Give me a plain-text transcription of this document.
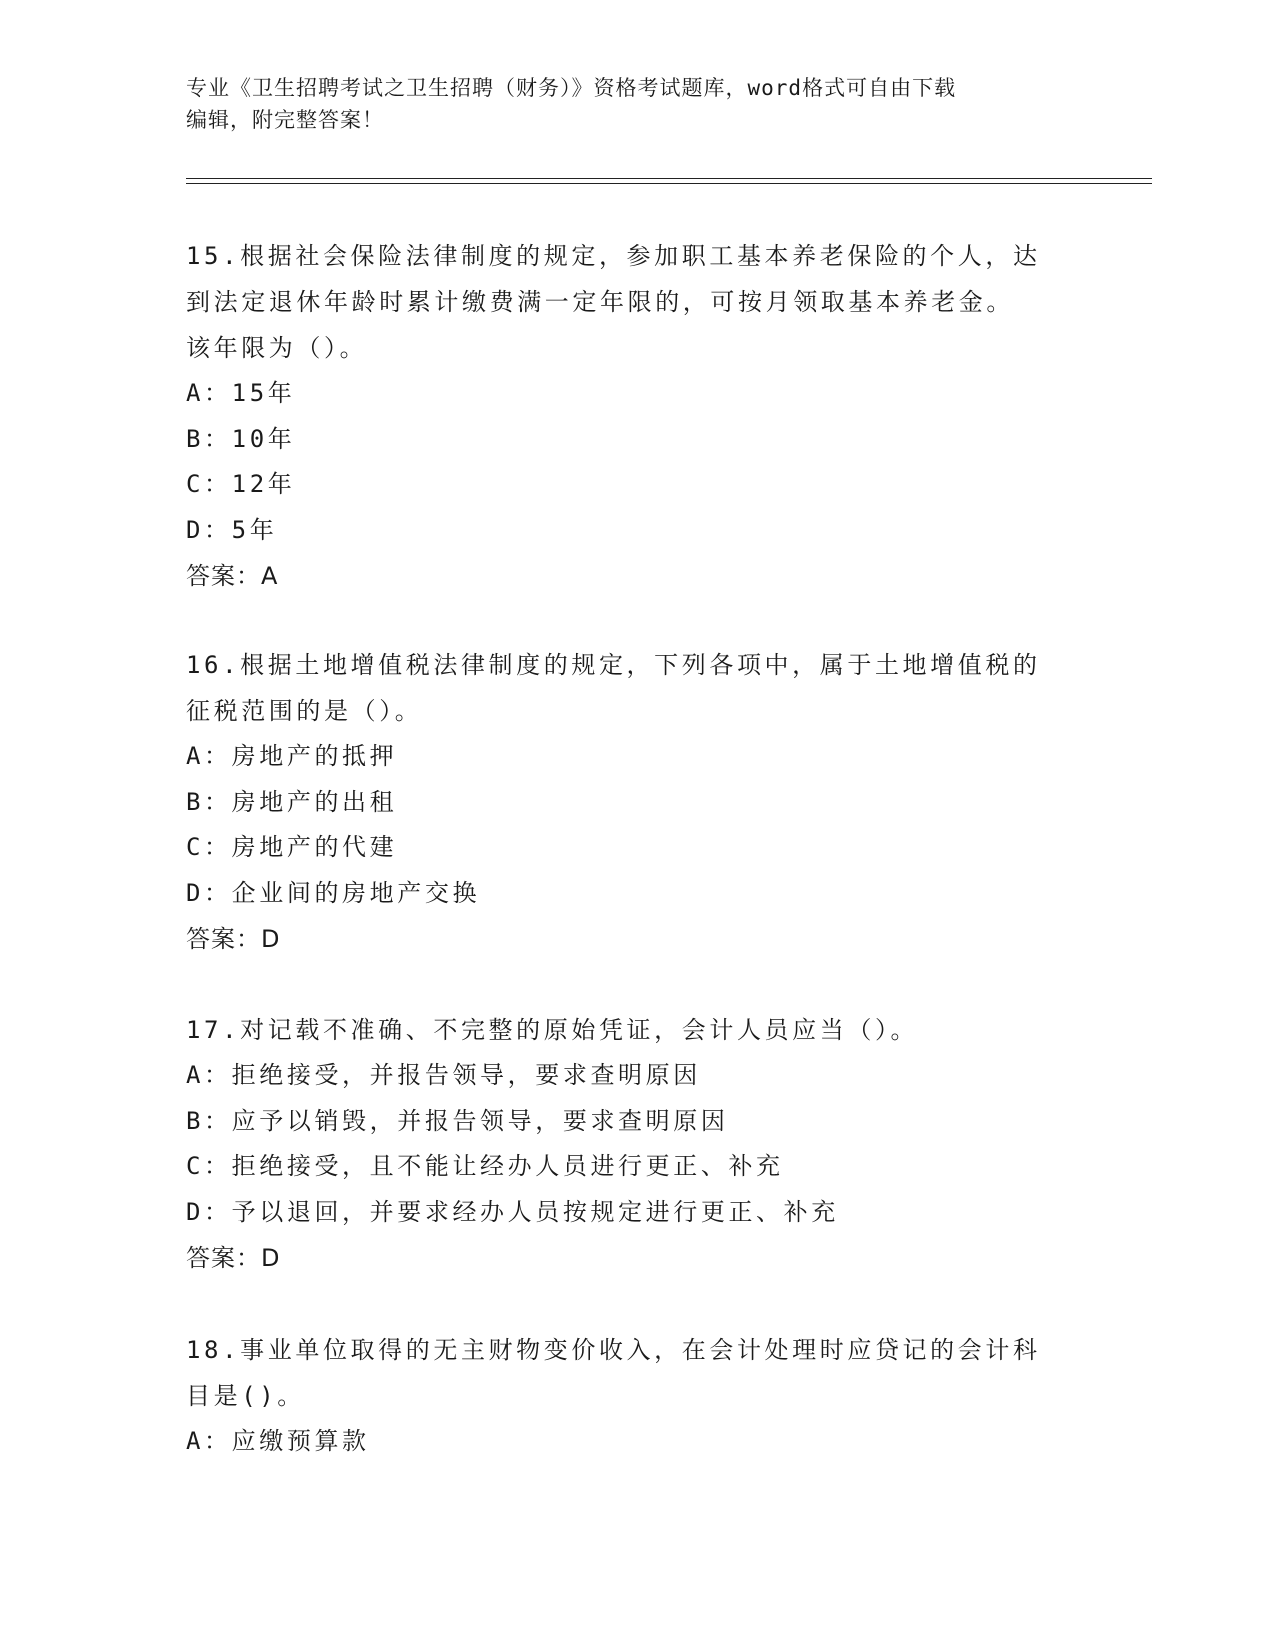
专业《卫生招聘考试之卫生招聘（财务）》资格考试题库，word格式可自由下载
编辑，附完整答案！
15.根据社会保险法律制度的规定，参加职工基本养老保险的个人，达
到法定退休年龄时累计缴费满一定年限的，可按月领取基本养老金。
该年限为（）。
A：15年
B：10年
C：12年
D：5年
答案：A
16.根据土地增值税法律制度的规定，下列各项中，属于土地增值税的
征税范围的是（）。
A：房地产的抵押
B：房地产的出租
C：房地产的代建
D：企业间的房地产交换
答案：D
17.对记载不准确、不完整的原始凭证，会计人员应当（）。
A：拒绝接受，并报告领导，要求查明原因
B：应予以销毁，并报告领导，要求查明原因
C：拒绝接受，且不能让经办人员进行更正、补充
D：予以退回，并要求经办人员按规定进行更正、补充
答案：D
18.事业单位取得的无主财物变价收入，在会计处理时应贷记的会计科
目是()。
A：应缴预算款
